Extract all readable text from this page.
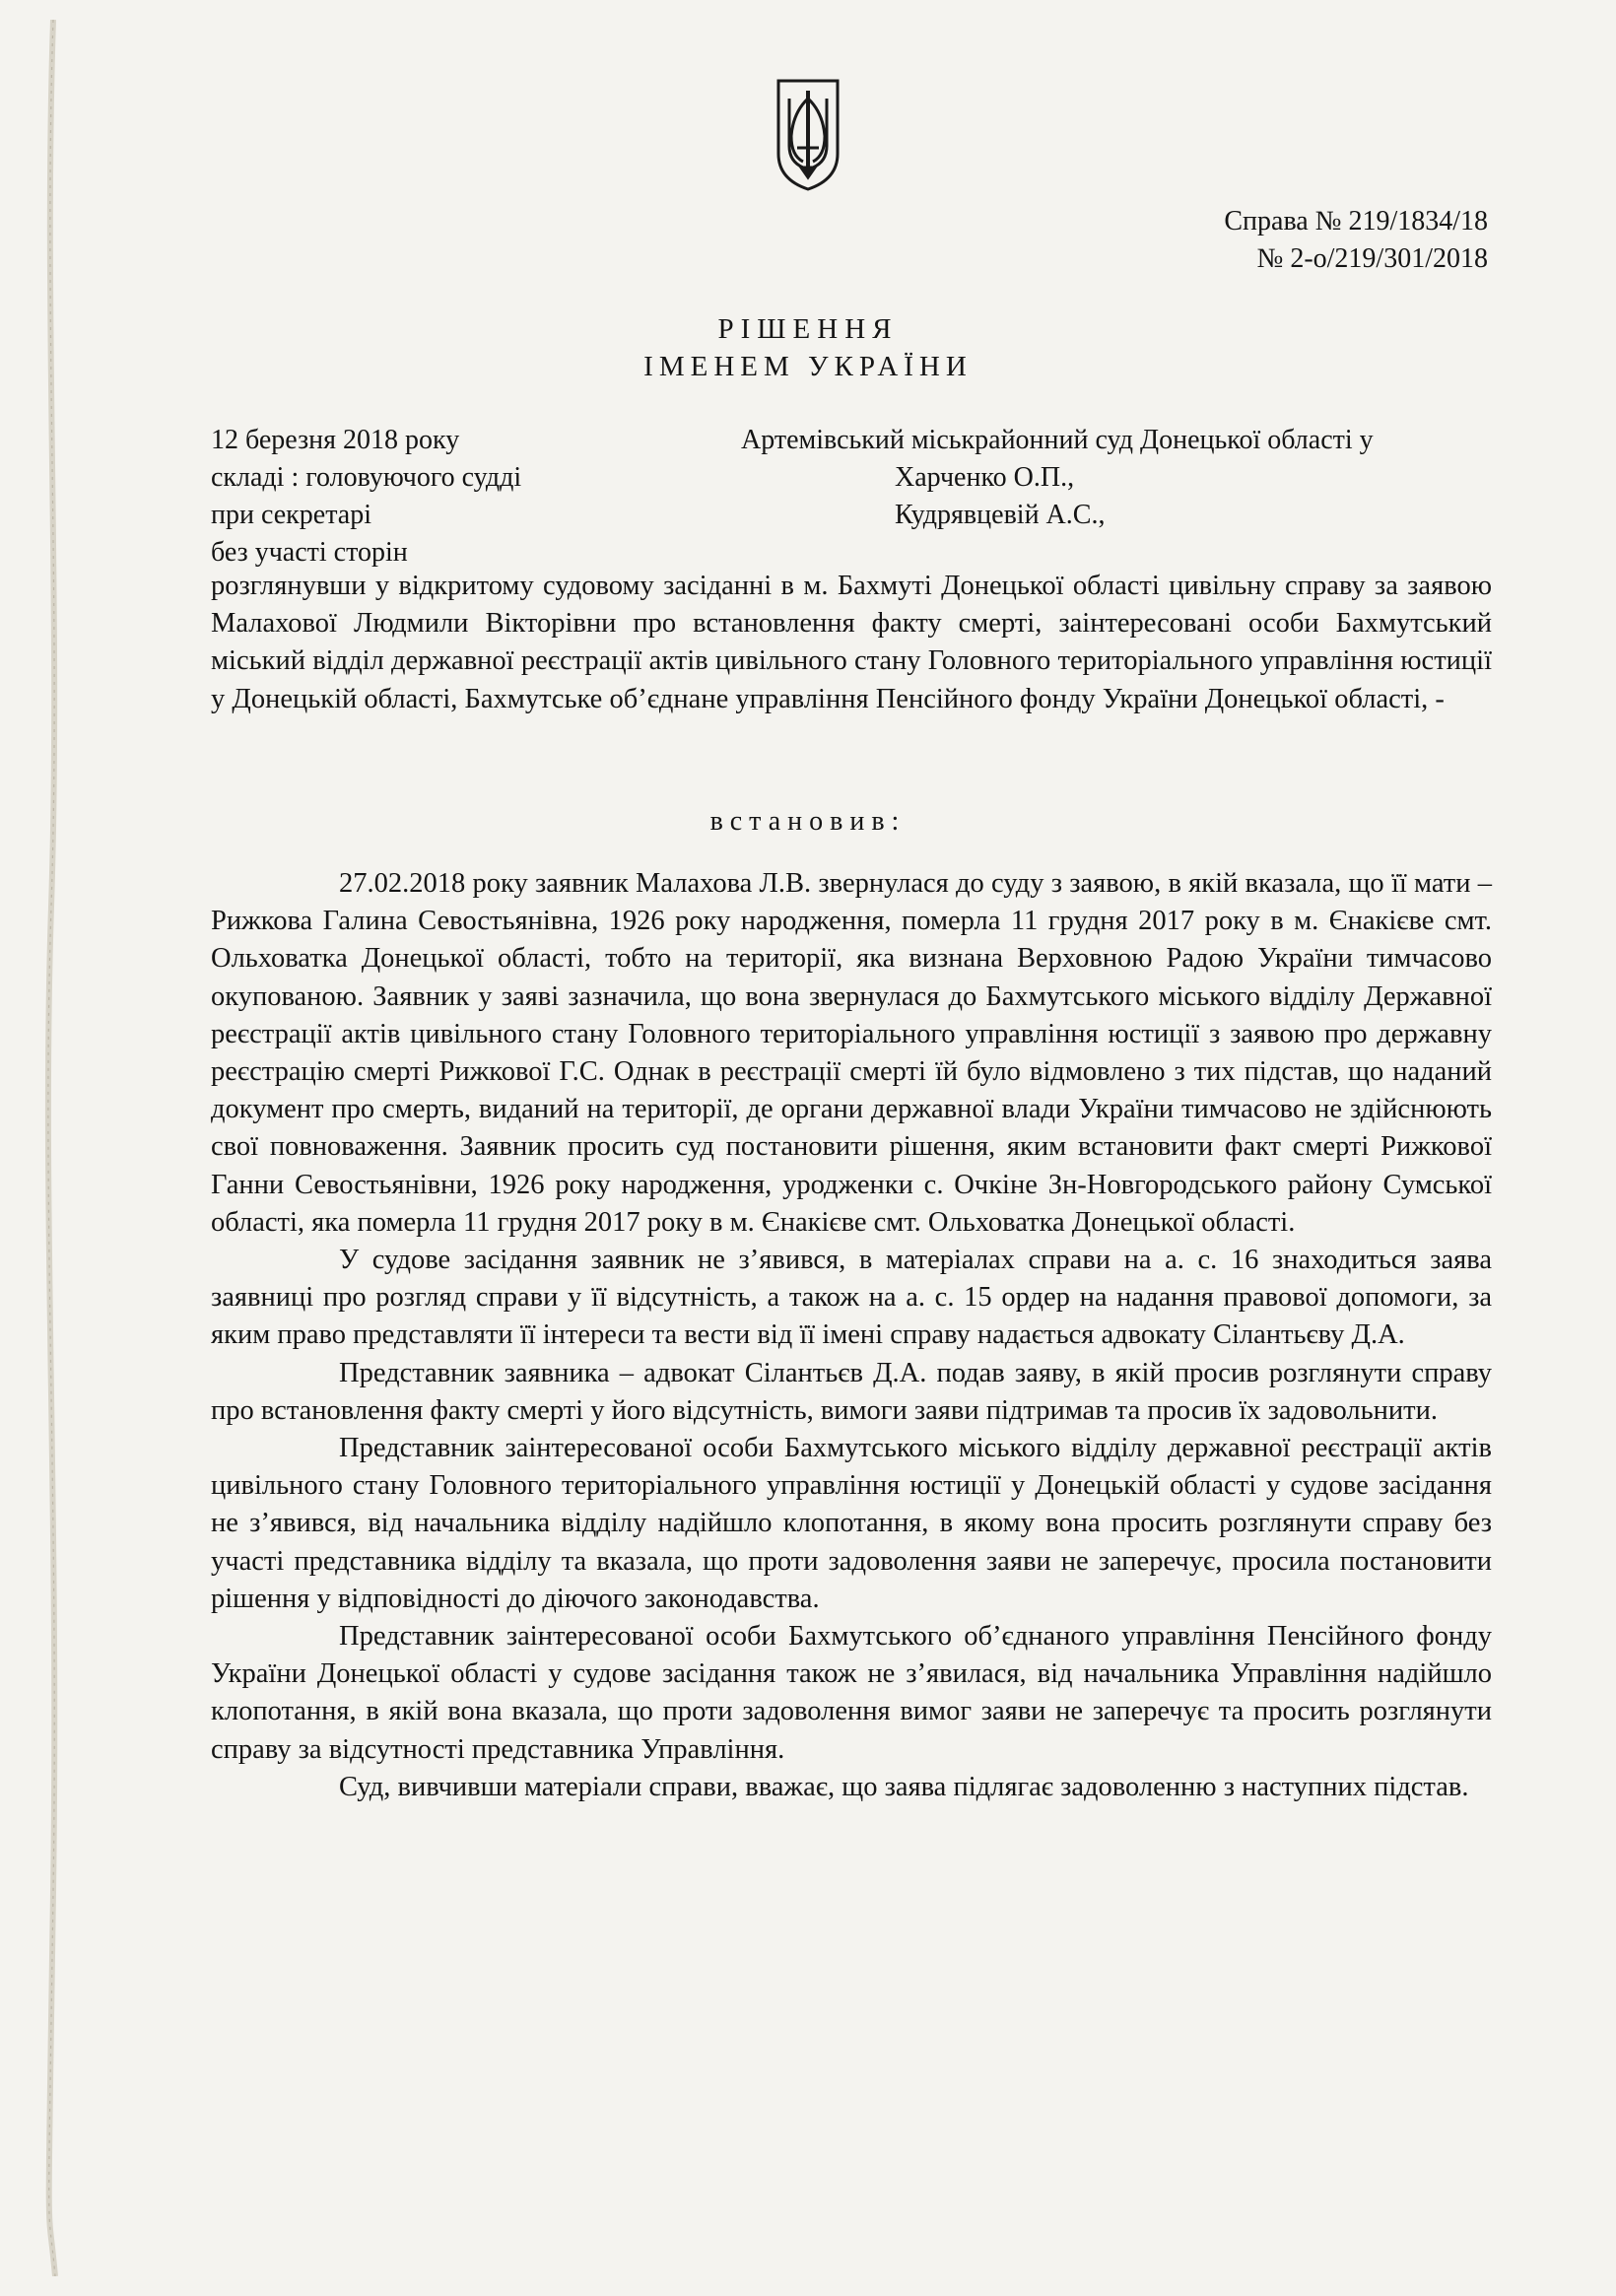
Справа № 219/1834/18
№ 2-о/219/301/2018
РІШЕННЯ
ІМЕНЕМ УКРАЇНИ
12 березня 2018 року	Артемівський міськрайонний суд Донецької області у
складі : головуючого судді	Харченко О.П.,
при секретарі	Кудрявцевій А.С.,
без участі сторін

розглянувши у відкритому судовому засіданні в м. Бахмуті Донецької області цивільну справу за заявою Малахової Людмили Вікторівни про встановлення факту смерті, заінтересовані особи Бахмутський міський відділ державної реєстрації актів цивільного стану Головного територіального управління юстиції у Донецькій області, Бахмутське об’єднане управління Пенсійного фонду України Донецької області, -

встановив:

27.02.2018 року заявник Малахова Л.В. звернулася до суду з заявою, в якій вказала, що її мати – Рижкова Галина Севостьянівна, 1926 року народження, померла 11 грудня 2017 року в м. Єнакієве смт. Ольховатка Донецької області, тобто на території, яка визнана Верховною Радою України тимчасово окупованою. Заявник у заяві зазначила, що вона звернулася до Бахмутського міського відділу Державної реєстрації актів цивільного стану Головного територіального управління юстиції з заявою про державну реєстрацію смерті Рижкової Г.С. Однак в реєстрації смерті їй було відмовлено з тих підстав, що наданий документ про смерть, виданий на території, де органи державної влади України тимчасово не здійснюють свої повноваження. Заявник просить суд постановити рішення, яким встановити факт смерті Рижкової Ганни Севостьянівни, 1926 року народження, уродженки с. Очкіне Зн-Новгородського району Сумської області, яка померла 11 грудня 2017 року в м. Єнакієве смт. Ольховатка Донецької області.

У судове засідання заявник не з’явився, в матеріалах справи на а. с. 16 знаходиться заява заявниці про розгляд справи у її відсутність, а також на а. с. 15 ордер на надання правової допомоги, за яким право представляти її інтереси та вести від її імені справу надається адвокату Сілантьєву Д.А.

Представник заявника – адвокат Сілантьєв Д.А. подав заяву, в якій просив розглянути справу про встановлення факту смерті у його відсутність, вимоги заяви підтримав та просив їх задовольнити.

Представник заінтересованої особи Бахмутського міського відділу державної реєстрації актів цивільного стану Головного територіального управління юстиції у Донецькій області у судове засідання не з’явився, від начальника відділу надійшло клопотання, в якому вона просить розглянути справу без участі представника відділу та вказала, що проти задоволення заяви не заперечує, просила постановити рішення у відповідності до діючого законодавства.

Представник заінтересованої особи Бахмутського об’єднаного управління Пенсійного фонду України Донецької області у судове засідання також не з’явилася, від начальника Управління надійшло клопотання, в якій вона вказала, що проти задоволення вимог заяви не заперечує та просить розглянути справу за відсутності представника Управління.

Суд, вивчивши матеріали справи, вважає, що заява підлягає задоволенню з наступних підстав.
